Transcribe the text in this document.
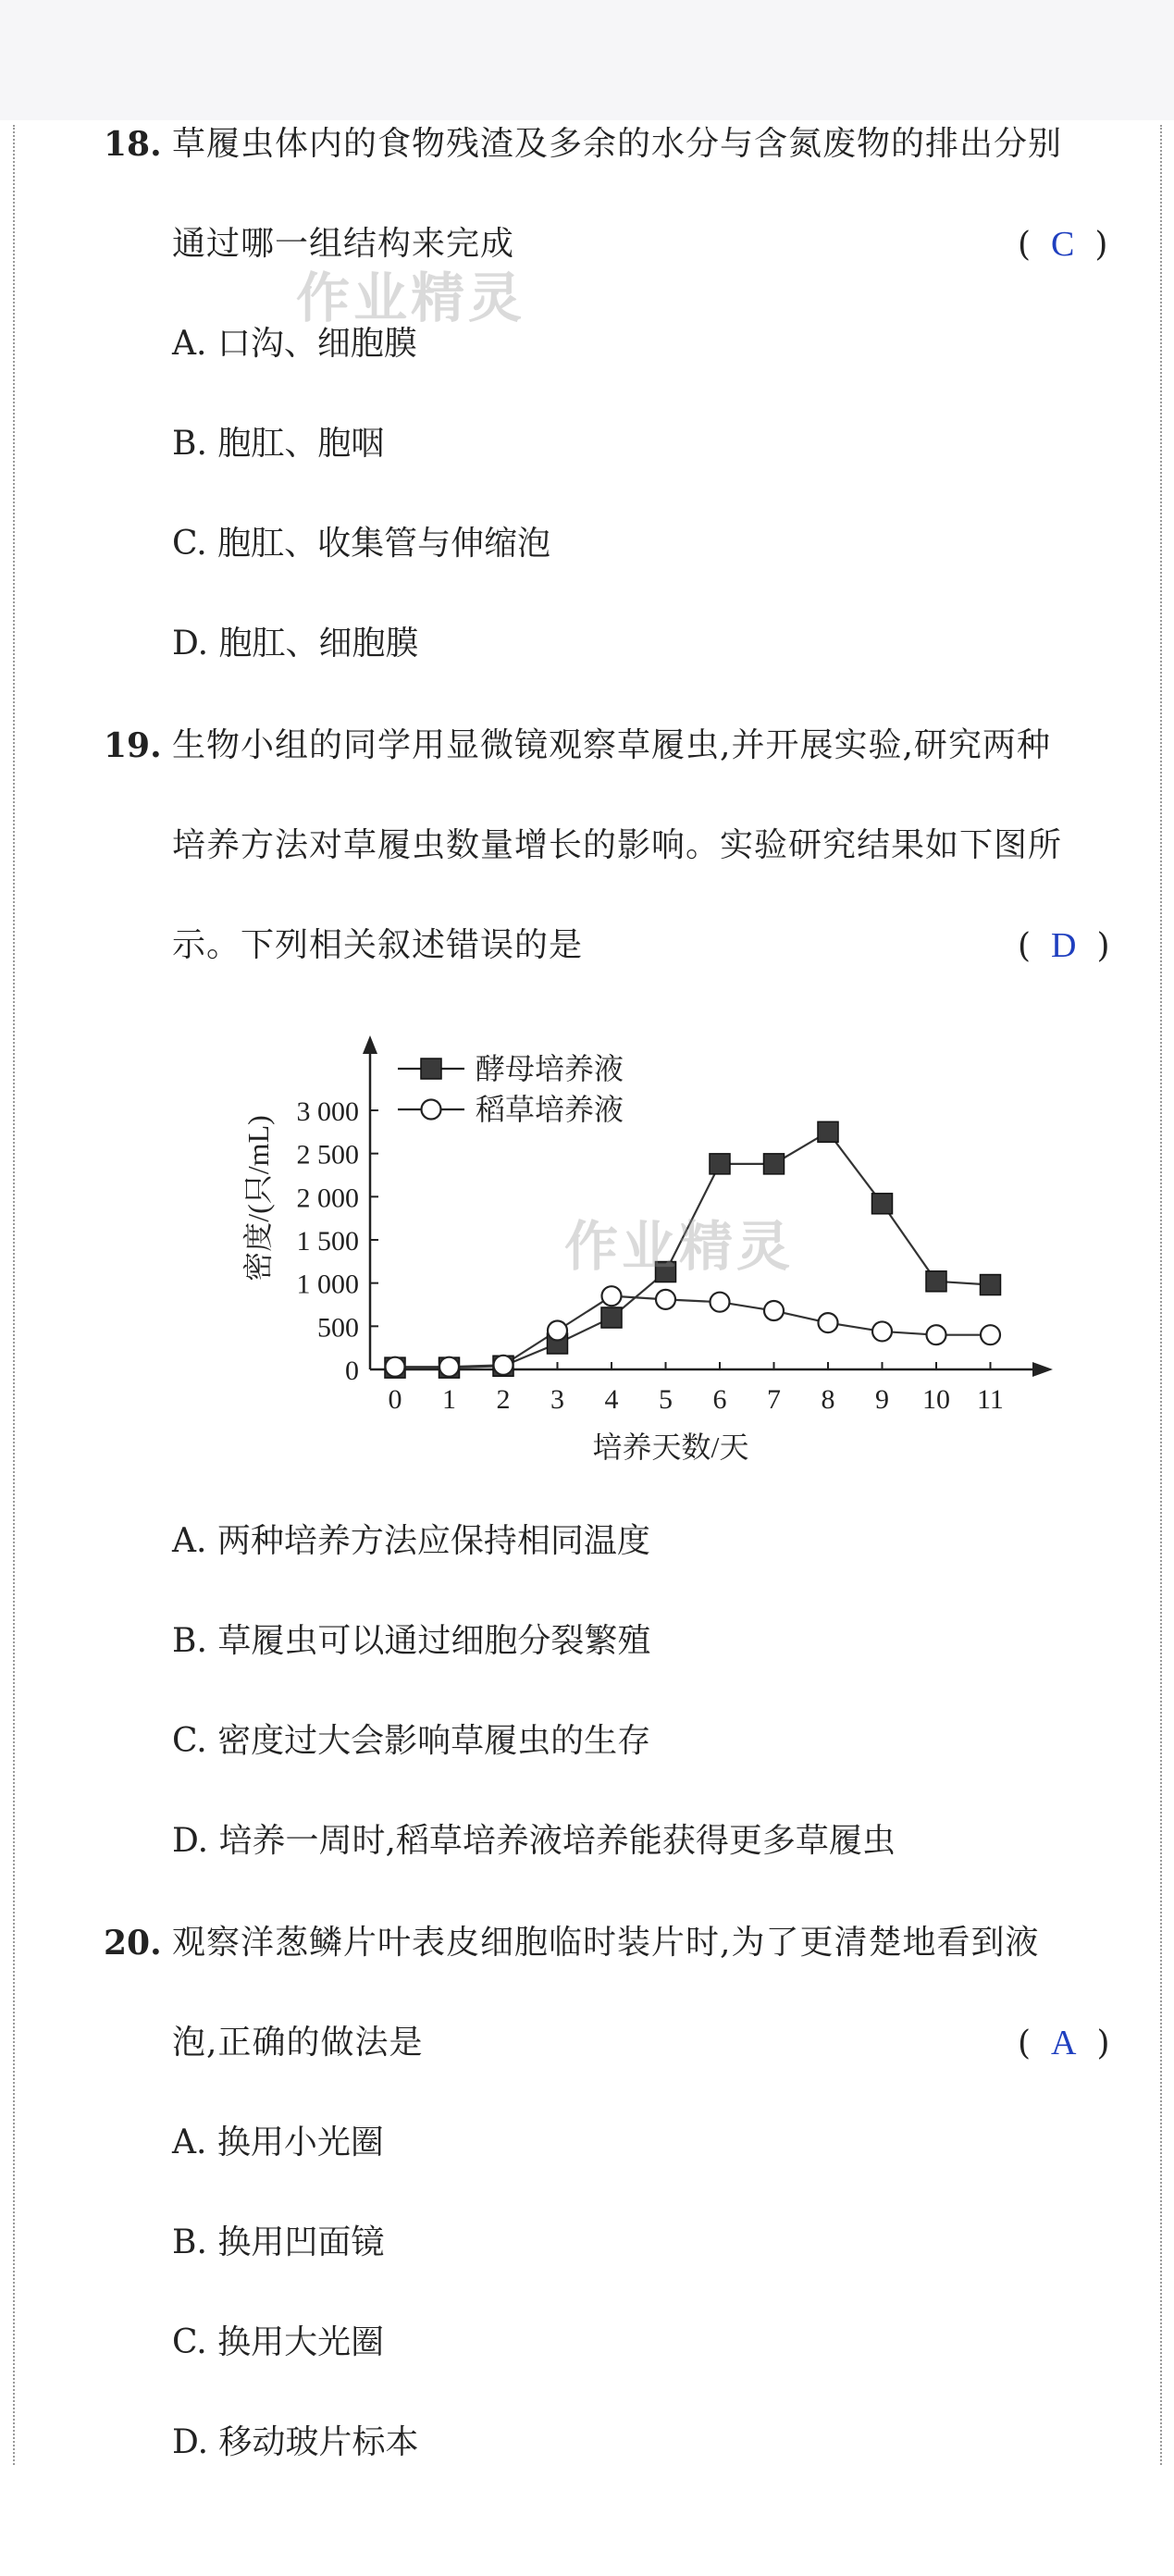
18. 草履虫体内的食物残渣及多余的水分与含氮废物的排出分别
通过哪一组结构来完成	( C )
作业精灵
A. 口沟、细胞膜
B. 胞肛、胞咽
C. 胞肛、收集管与伸缩泡
D. 胞肛、细胞膜
19. 生物小组的同学用显微镜观察草履虫,并开展实验,研究两种
培养方法对草履虫数量增长的影响。实验研究结果如下图所
示。下列相关叙述错误的是	( D )
0
500
1 000
1 500
2 000
2 500
3 000
0 1 2 3 4 5 6 7 8 9 10 11
酵母培养液
稻草培养液
密度/(只/mL)
培养天数/天
作业精灵
A. 两种培养方法应保持相同温度
B. 草履虫可以通过细胞分裂繁殖
C. 密度过大会影响草履虫的生存
D. 培养一周时,稻草培养液培养能获得更多草履虫
20. 观察洋葱鳞片叶表皮细胞临时装片时,为了更清楚地看到液
泡,正确的做法是	( A )
A. 换用小光圈
B. 换用凹面镜
C. 换用大光圈
D. 移动玻片标本
